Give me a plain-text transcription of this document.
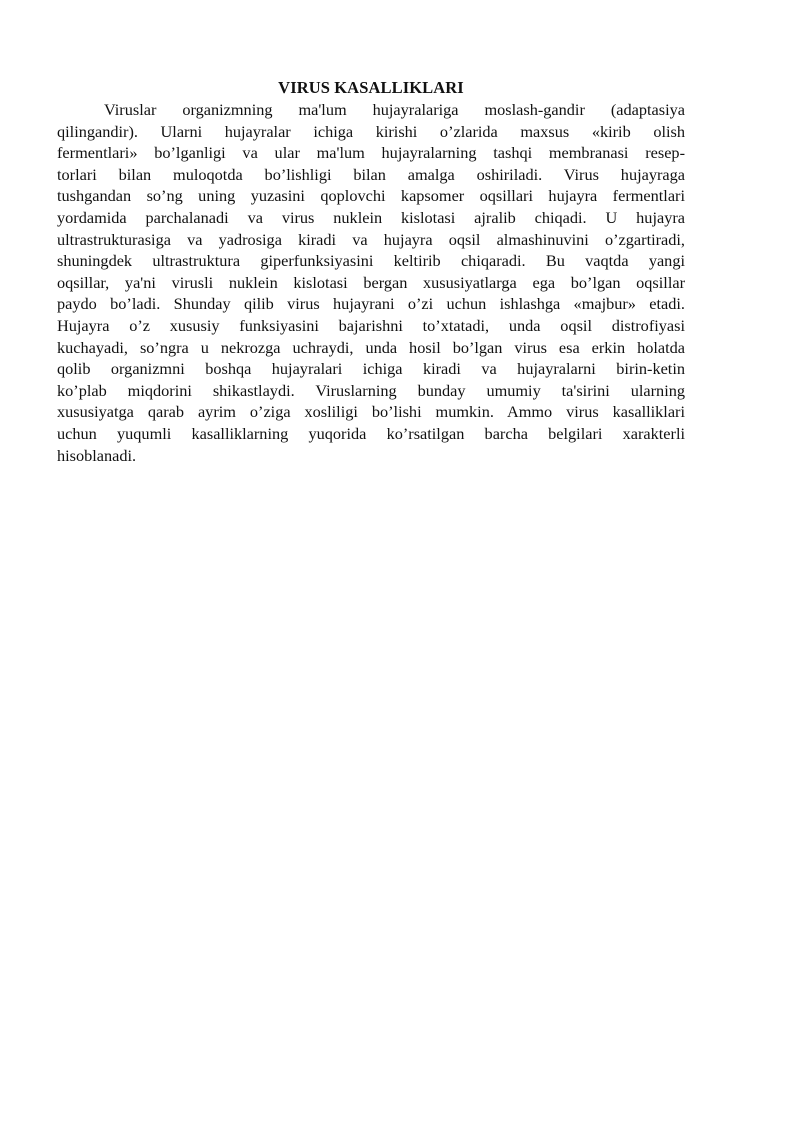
VIRUS KASALLIKLARI
Viruslar organizmning ma'lum hujayralariga moslash-gandir (adaptasiya
qilingandir). Ularni hujayralar ichiga kirishi o’zlarida maxsus «kirib olish
fermentlari» bo’lganligi va ular ma'lum hujayralarning tashqi membranasi resep-
torlari bilan muloqotda bo’lishligi bilan amalga oshiriladi. Virus hujayraga
tushgandan so’ng uning yuzasini qoplovchi kapsomer oqsillari hujayra fermentlari
yordamida parchalanadi va virus nuklein kislotasi ajralib chiqadi. U hujayra
ultrastrukturasiga va yadrosiga kiradi va hujayra oqsil almashinuvini o’zgartiradi,
shuningdek ultrastruktura giperfunksiyasini keltirib chiqaradi. Bu vaqtda yangi
oqsillar, ya'ni virusli nuklein kislotasi bergan xususiyatlarga ega bo’lgan oqsillar
paydo bo’ladi. Shunday qilib virus hujayrani o’zi uchun ishlashga «majbur» etadi.
Hujayra o’z xususiy funksiyasini bajarishni to’xtatadi, unda oqsil distrofiyasi
kuchayadi, so’ngra u nekrozga uchraydi, unda hosil bo’lgan virus esa erkin holatda
qolib organizmni boshqa hujayralari ichiga kiradi va hujayralarni birin-ketin
ko’plab miqdorini shikastlaydi. Viruslarning bunday umumiy ta'sirini ularning
xususiyatga qarab ayrim o’ziga xosliligi bo’lishi mumkin. Ammo virus kasalliklari
uchun yuqumli kasalliklarning yuqorida ko’rsatilgan barcha belgilari xarakterli
hisoblanadi.
